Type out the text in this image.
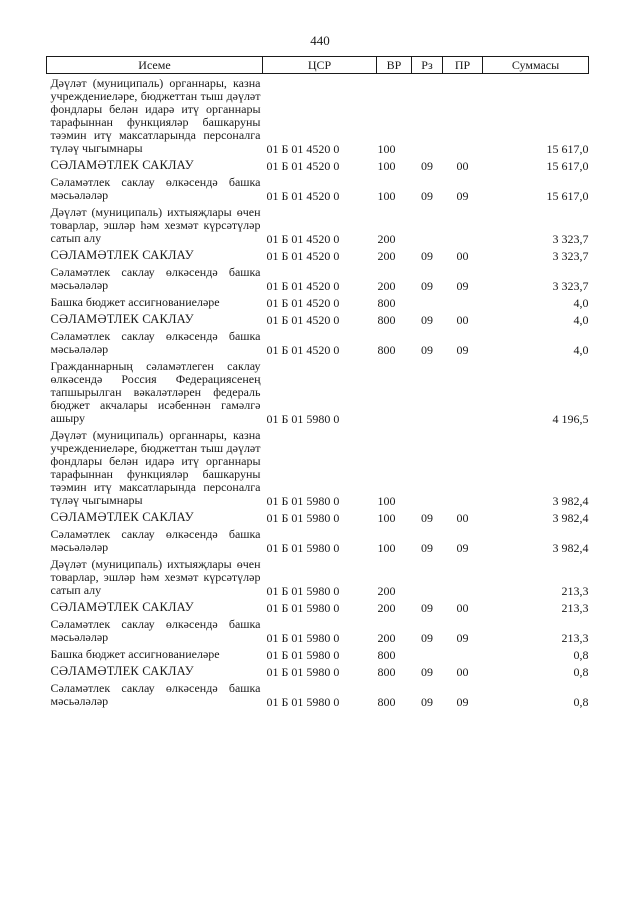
440
Исеме	ЦСР	ВР	Рз	ПР	Суммасы
Дәүләт (муниципаль) органнары, казна учреждениеләре, бюджеттан тыш дәүләт фондлары белән идарә итү органнары тарафыннан функцияләр башкаруны тәэмин итү максатларында персоналга түләү чыгымнары	01 Б 01 4520 0	100			15 617,0
СӘЛАМӘТЛЕК САКЛАУ	01 Б 01 4520 0	100	09	00	15 617,0
Сәламәтлек саклау өлкәсендә башка мәсьәләләр	01 Б 01 4520 0	100	09	09	15 617,0
Дәүләт (муниципаль) ихтыяҗлары өчен товарлар, эшләр һәм хезмәт күрсәтүләр сатып алу	01 Б 01 4520 0	200			3 323,7
СӘЛАМӘТЛЕК САКЛАУ	01 Б 01 4520 0	200	09	00	3 323,7
Сәламәтлек саклау өлкәсендә башка мәсьәләләр	01 Б 01 4520 0	200	09	09	3 323,7
Башка бюджет ассигнованиеләре	01 Б 01 4520 0	800			4,0
СӘЛАМӘТЛЕК САКЛАУ	01 Б 01 4520 0	800	09	00	4,0
Сәламәтлек саклау өлкәсендә башка мәсьәләләр	01 Б 01 4520 0	800	09	09	4,0
Гражданнарның сәламәтлеген саклау өлкәсендә Россия Федерациясенең тапшырылган вәкаләтләрен федераль бюджет акчалары исәбеннән гамәлгә ашыру	01 Б 01 5980 0				4 196,5
Дәүләт (муниципаль) органнары, казна учреждениеләре, бюджеттан тыш дәүләт фондлары белән идарә итү органнары тарафыннан функцияләр башкаруны тәэмин итү максатларында персоналга түләү чыгымнары	01 Б 01 5980 0	100			3 982,4
СӘЛАМӘТЛЕК САКЛАУ	01 Б 01 5980 0	100	09	00	3 982,4
Сәламәтлек саклау өлкәсендә башка мәсьәләләр	01 Б 01 5980 0	100	09	09	3 982,4
Дәүләт (муниципаль) ихтыяҗлары өчен товарлар, эшләр һәм хезмәт күрсәтүләр сатып алу	01 Б 01 5980 0	200			213,3
СӘЛАМӘТЛЕК САКЛАУ	01 Б 01 5980 0	200	09	00	213,3
Сәламәтлек саклау өлкәсендә башка мәсьәләләр	01 Б 01 5980 0	200	09	09	213,3
Башка бюджет ассигнованиеләре	01 Б 01 5980 0	800			0,8
СӘЛАМӘТЛЕК САКЛАУ	01 Б 01 5980 0	800	09	00	0,8
Сәламәтлек саклау өлкәсендә башка мәсьәләләр	01 Б 01 5980 0	800	09	09	0,8
